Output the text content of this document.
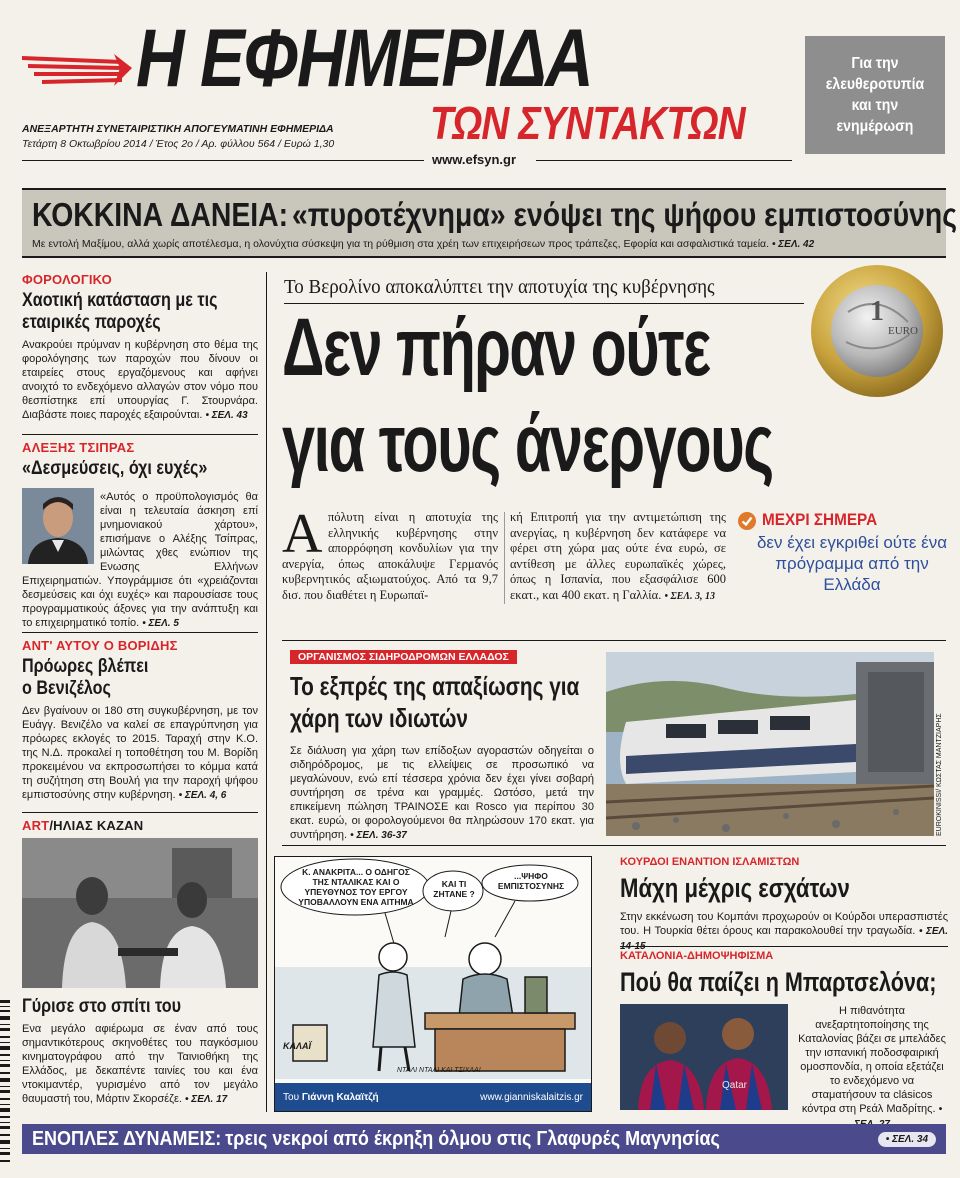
Η ΕΦΗΜΕΡΙΔΑ
ΤΩΝ ΣΥΝΤΑΚΤΩΝ
ΑΝΕΞΑΡΤΗΤΗ ΣΥΝΕΤΑΙΡΙΣΤΙΚΗ ΑΠΟΓΕΥΜΑΤΙΝΗ ΕΦΗΜΕΡΙΔΑ
Τετάρτη 8 Οκτωβρίου 2014 / Έτος 2ο / Αρ. φύλλου 564 / Ευρώ 1,30
www.efsyn.gr
Για την ελευθεροτυπία και την ενημέρωση
ΚΟΚΚΙΝΑ ΔΑΝΕΙΑ: «πυροτέχνημα» ενόψει της ψήφου εμπιστοσύνης
Με εντολή Μαξίμου, αλλά χωρίς αποτέλεσμα, η ολονύχτια σύσκεψη για τη ρύθμιση στα χρέη των επιχειρήσεων προς τράπεζες, Εφορία και ασφαλιστικά ταμεία. • ΣΕΛ. 42
ΦΟΡΟΛΟΓΙΚΟ
Χαοτική κατάσταση με τις εταιρικές παροχές
Ανακρούει πρύμναν η κυβέρνηση στο θέμα της φορολόγησης των παροχών που δίνουν οι εταιρείες στους εργαζόμενους και αφήνει ανοιχτό το ενδεχόμενο αλλαγών στον νόμο που θεσπίστηκε επί υπουργίας Γ. Στουρνάρα. Διαβάστε ποιες παροχές εξαιρούνται. • ΣΕΛ. 43
ΑΛΕΞΗΣ ΤΣΙΠΡΑΣ
«Δεσμεύσεις, όχι ευχές»
«Αυτός ο προϋπολογισμός θα είναι η τελευταία άσκηση επί μνημονιακού χάρτου», επισήμανε ο Αλέξης Τσίπρας, μιλώντας χθες ενώπιον της Ενωσης Ελλήνων Επιχειρηματιών. Υπογράμμισε ότι «χρειάζονται δεσμεύσεις και όχι ευχές» και παρουσίασε τους προγραμματικούς άξονες για την ανάπτυξη και το επιχειρηματικό τοπίο. • ΣΕΛ. 5
ΑΝΤ' ΑΥΤΟΥ Ο ΒΟΡΙΔΗΣ
Πρόωρες βλέπει ο Βενιζέλος
Δεν βγαίνουν οι 180 στη συγκυβέρνηση, με τον Ευάγγ. Βενιζέλο να καλεί σε επαγρύπνηση για πρόωρες εκλογές το 2015. Ταραχή στην Κ.Ο. της Ν.Δ. προκαλεί η τοποθέτηση του Μ. Βορίδη προκειμένου να εκπροσωπήσει το κόμμα κατά τη συζήτηση στη Βουλή για την παροχή ψήφου εμπιστοσύνης στην κυβέρνηση. • ΣΕΛ. 4, 6
ART/ΗΛΙΑΣ ΚΑΖΑΝ
Γύρισε στο σπίτι του
Ενα μεγάλο αφιέρωμα σε έναν από τους σημαντικότερους σκηνοθέτες του παγκόσμιου κινηματογράφου από την Ταινιοθήκη της Ελλάδος, με δεκαπέντε ταινίες του και ένα ντοκιμαντέρ, γυρισμένο από τον μεγάλο θαυμαστή του, Μάρτιν Σκορσέζε. • ΣΕΛ. 17
Το Βερολίνο αποκαλύπτει την αποτυχία της κυβέρνησης
1
EURO
Δεν πήραν ούτε
για τους άνεργους
Α πόλυτη είναι η αποτυχία της ελληνικής κυβέρνησης στην απορρόφηση κονδυλίων για την ανεργία, όπως αποκάλυψε Γερμανός κυβερνητικός αξιωματούχος. Από τα 9,7 δισ. που διαθέτει η Ευρωπαϊ-
κή Επιτροπή για την αντιμετώπιση της ανεργίας, η κυβέρνηση δεν κατάφερε να φέρει στη χώρα μας ούτε ένα ευρώ, σε αντίθεση με άλλες ευρωπαϊκές χώρες, όπως η Ισπανία, που εξασφάλισε 600 εκατ., και 400 εκατ. η Γαλλία. • ΣΕΛ. 3, 13
ΜΕΧΡΙ ΣΗΜΕΡΑ
δεν έχει εγκριθεί ούτε ένα πρόγραμμα από την Ελλάδα
ΟΡΓΑΝΙΣΜΟΣ ΣΙΔΗΡΟΔΡΟΜΩΝ ΕΛΛΑΔΟΣ
Το εξπρές της απαξίωσης για χάρη των ιδιωτών
Σε διάλυση για χάρη των επίδοξων αγοραστών οδηγείται ο σιδηρόδρομος, με τις ελλείψεις σε προσωπικό να μεγαλώνουν, ενώ επί τέσσερα χρόνια δεν έχει γίνει σοβαρή συντήρηση σε τρένα και γραμμές. Ωστόσο, μετά την επικείμενη πώληση ΤΡΑΙΝΟΣΕ και Rosco για περίπου 30 εκατ. ευρώ, οι φορολογούμενοι θα πληρώσουν 170 εκατ. για συντήρηση. • ΣΕΛ. 36-37	EUROKINISSI/ ΚΩΣΤΑΣ ΜΑΝΤΖΙΑΡΗΣ
Κ. ΑΝΑΚΡΙΤΑ... Ο ΟΔΗΓΟΣ ΤΗΣ ΝΤΑΛΙΚΑΣ ΚΑΙ Ο ΥΠΕΥΘΥΝΟΣ ΤΟΥ ΕΡΓΟΥ ΥΠΟΒΑΛΛΟΥΝ ΕΝΑ ΑΙΤΗΜΑ
ΚΑΙ ΤΙ ΖΗΤΑΝΕ ?
...ΨΗΦΟ ΕΜΠΙΣΤΟΣΥΝΗΣ
ΚΑΛΑΪ
ΝΤΑΛΙ ΝΤΑΛΙ ΚΑΙ ΤΣΙΧΛΑ!
Του Γιάννη Καλαϊτζή	www.gianniskalaitzis.gr
ΚΟΥΡΔΟΙ ΕΝΑΝΤΙΟΝ ΙΣΛΑΜΙΣΤΩΝ
Μάχη μέχρις εσχάτων
Στην εκκένωση του Κομπάνι προχωρούν οι Κούρδοι υπερασπιστές του. Η Τουρκία θέτει όρους και παρακολουθεί την τραγωδία. • ΣΕΛ.
ΚΑΤΑΛΟΝΙΑ-ΔΗΜΟΨΗΦΙΣΜΑ
Πού θα παίζει η Μπαρτσελόνα;
Qatar
Η πιθανότητα ανεξαρτητοποίησης της Καταλονίας βάζει σε μπελάδες την ισπανική ποδοσφαιρική ομοσπονδία, η οποία εξετάζει το ενδεχόμενο να σταματήσουν τα clásicos κόντρα στη Ρεάλ Μαδρίτης. •
ΕΝΟΠΛΕΣ ΔΥΝΑΜΕΙΣ: τρεις νεκροί από έκρηξη όλμου στις Γλαφυρές Μαγνησίας	• ΣΕΛ. 34
